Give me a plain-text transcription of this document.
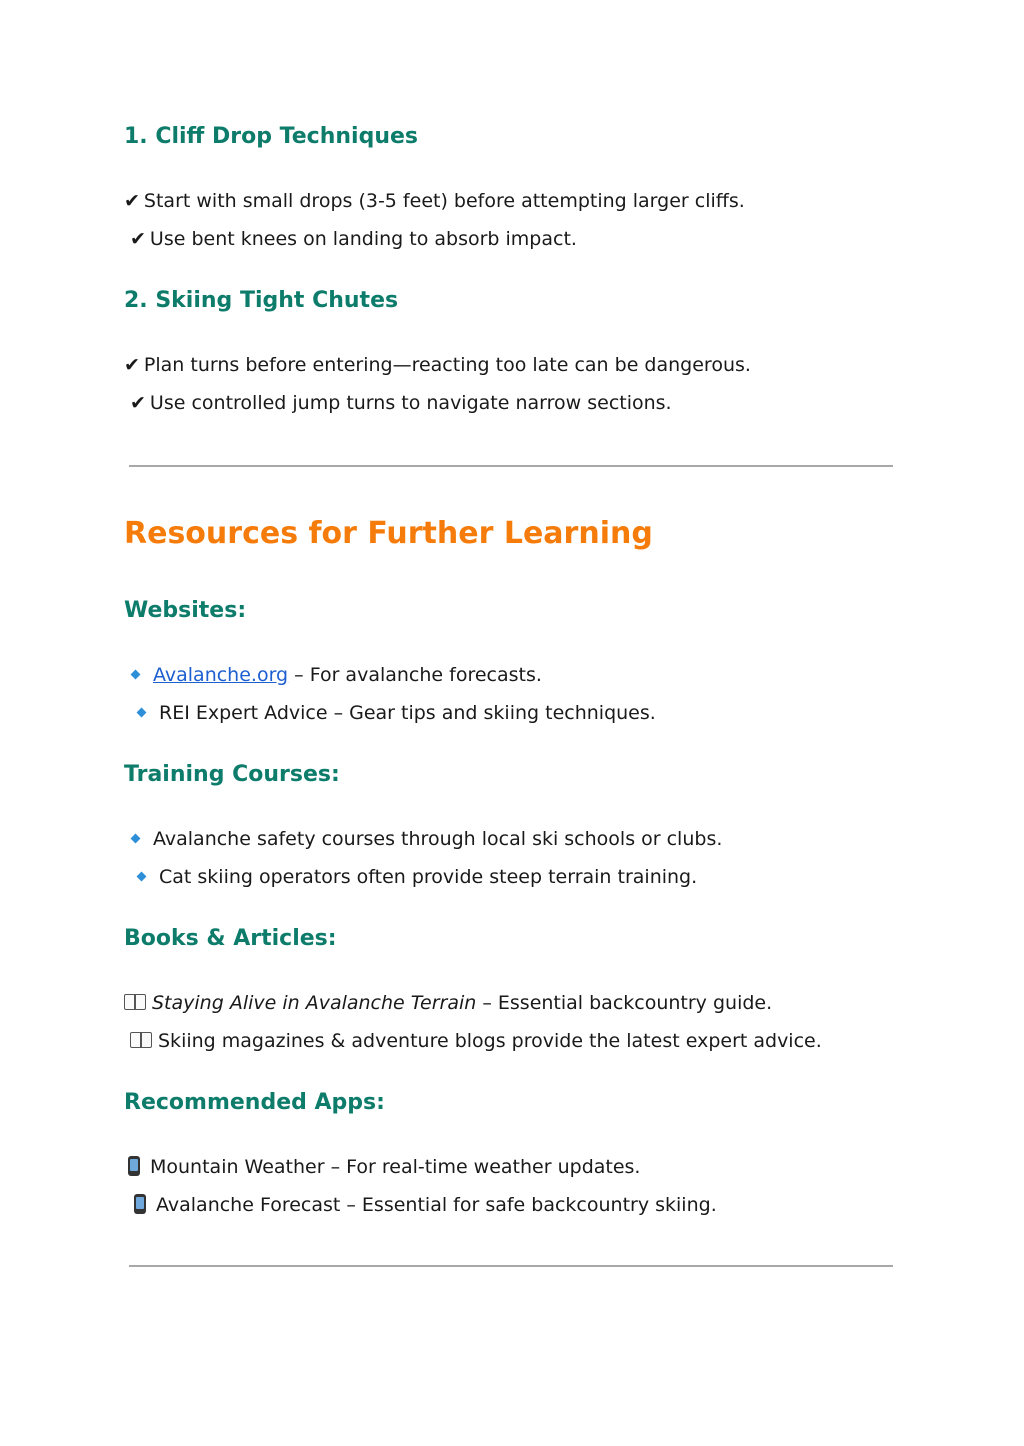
1. Cliff Drop Techniques

✔ Start with small drops (3-5 feet) before attempting larger cliffs.

✔ Use bent knees on landing to absorb impact.

2. Skiing Tight Chutes

✔ Plan turns before entering—reacting too late can be dangerous.

✔ Use controlled jump turns to navigate narrow sections.

Resources for Further Learning
Websites:

Avalanche.org – For avalanche forecasts.

REI Expert Advice – Gear tips and skiing techniques.

Training Courses:

Avalanche safety courses through local ski schools or clubs.

Cat skiing operators often provide steep terrain training.

Books & Articles:

Staying Alive in Avalanche Terrain – Essential backcountry guide.

Skiing magazines & adventure blogs provide the latest expert advice.

Recommended Apps:

Mountain Weather – For real-time weather updates.

Avalanche Forecast – Essential for safe backcountry skiing.
